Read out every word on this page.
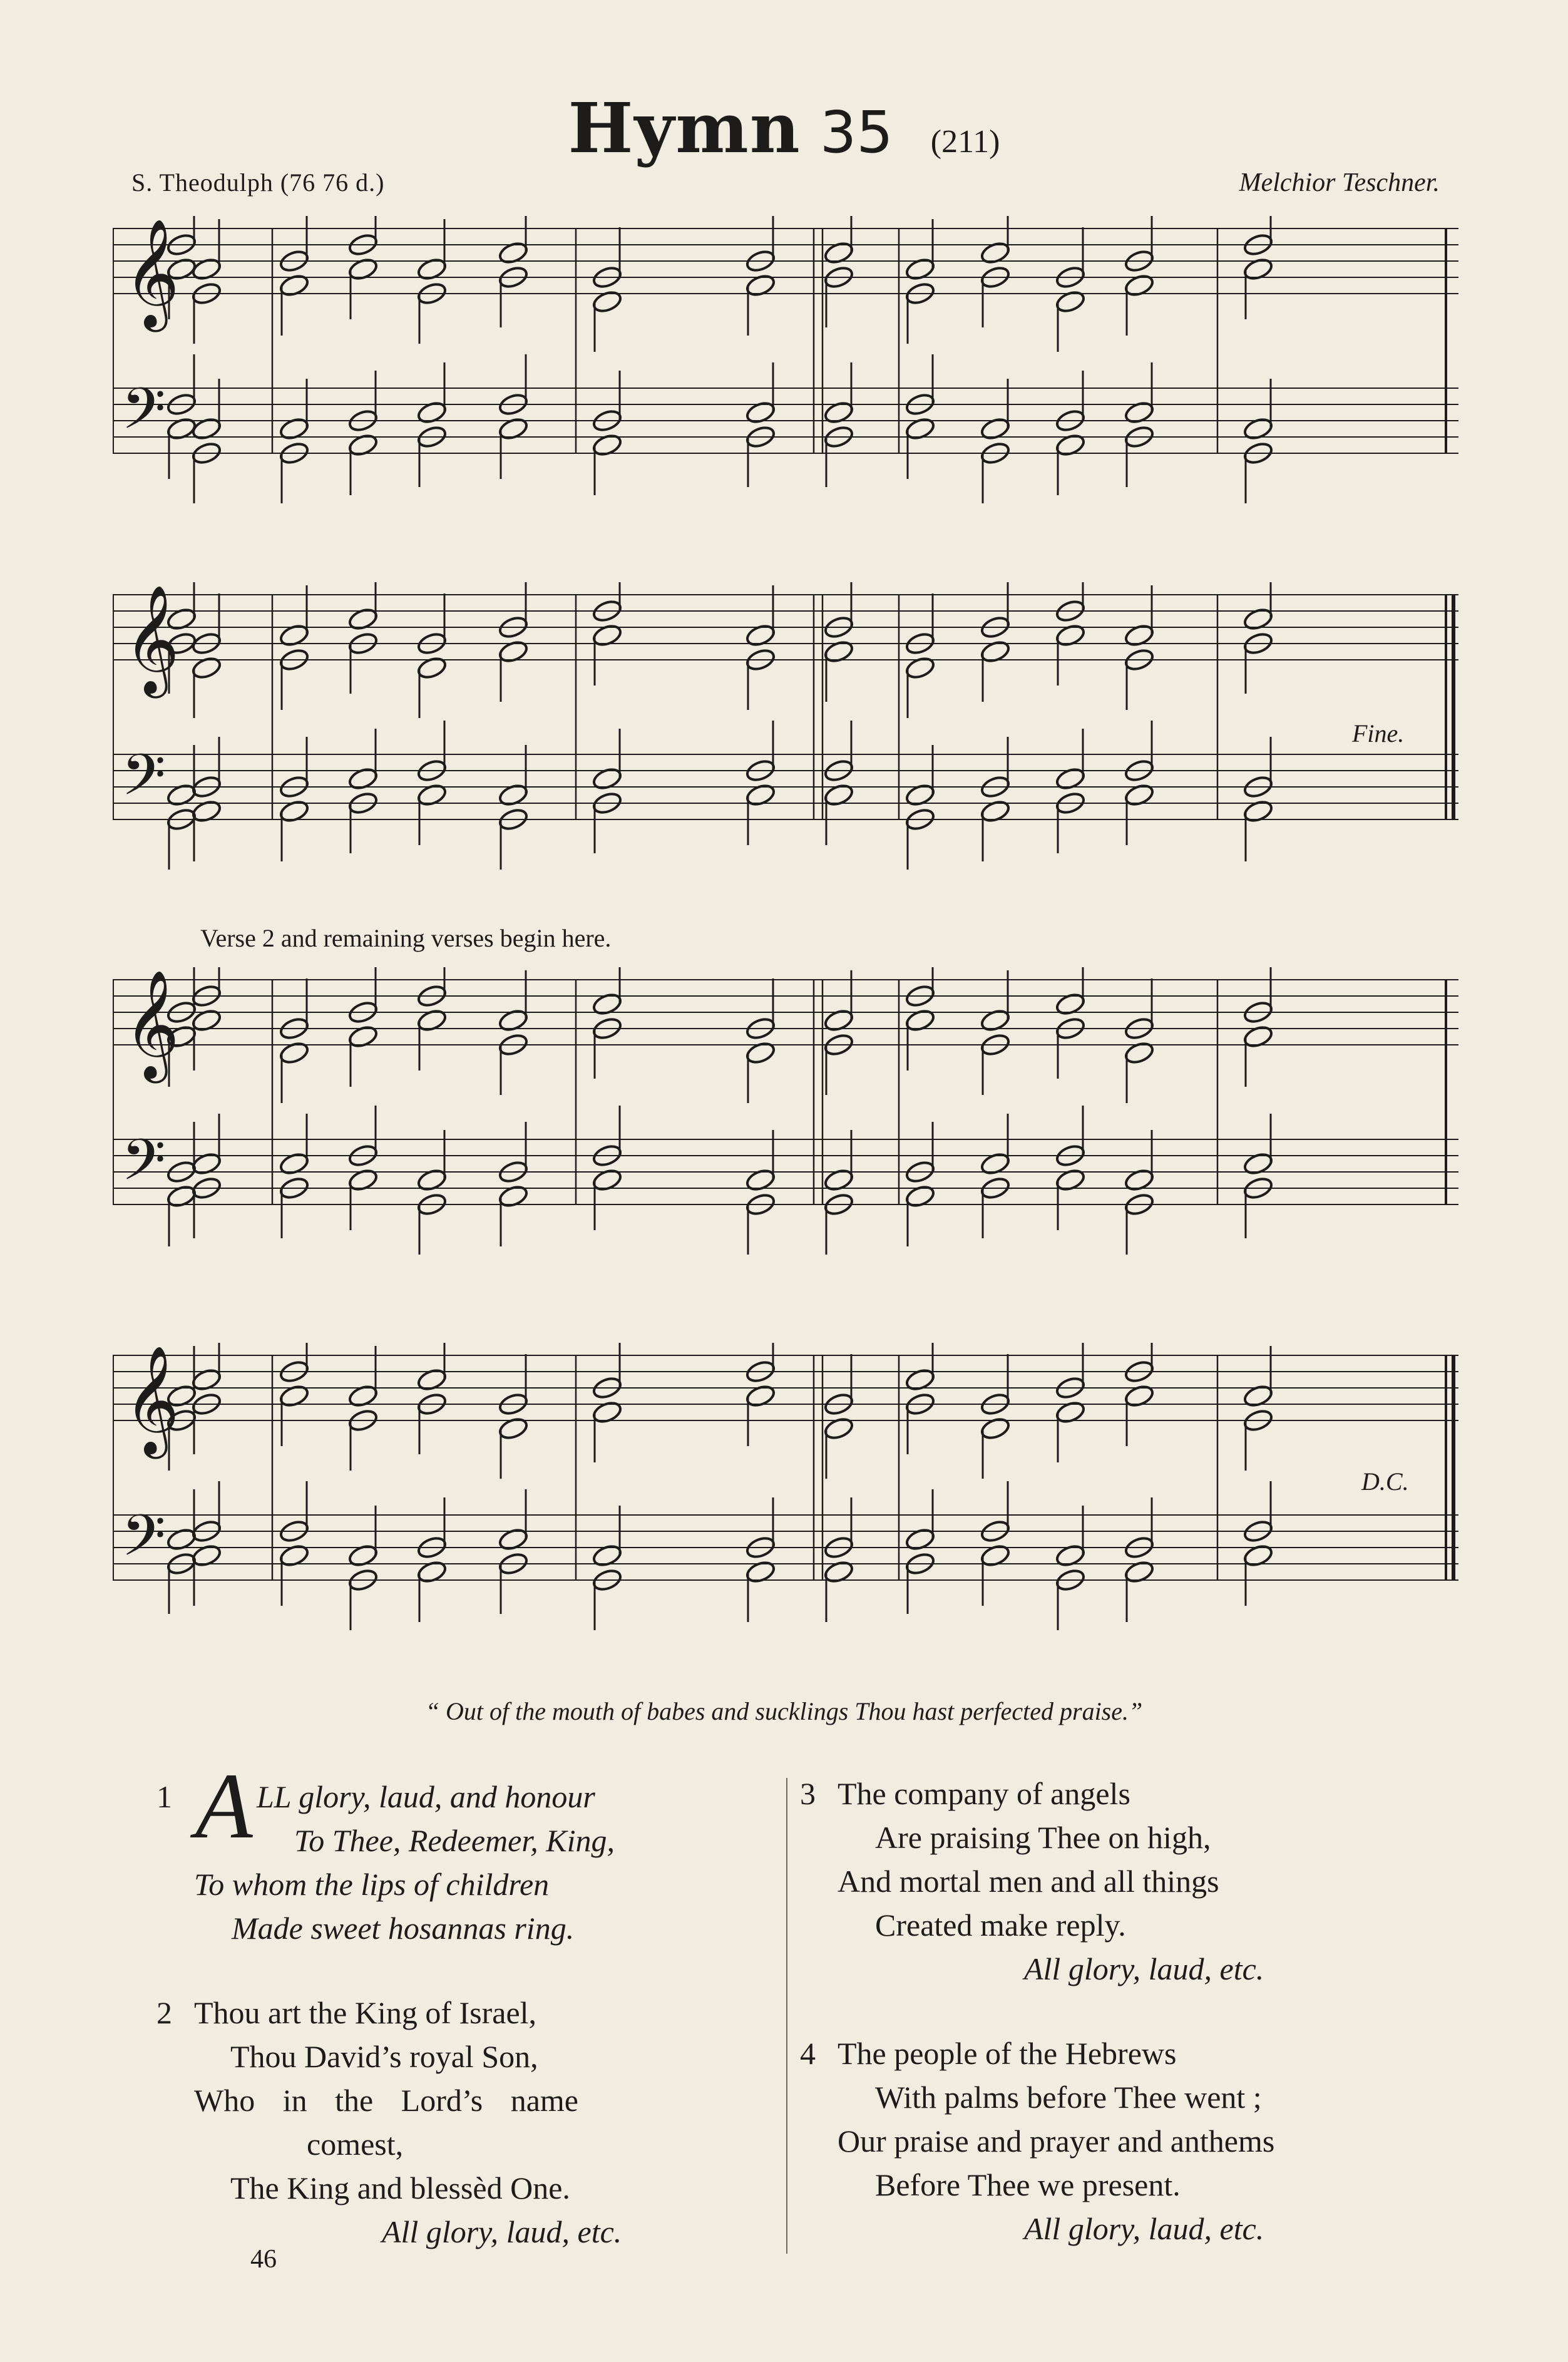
Hymn 35 (211)
S. Theodulph (76 76 d.)	Melchior Teschner.
𝄞
𝄢
Fine.
𝄞
𝄢
Verse 2 and remaining verses begin here.
𝄞
𝄢
D.C.
𝄞
𝄢
“ Out of the mouth of babes and sucklings Thou hast perfected praise.”
1 A LL glory, laud, and honour
To Thee, Redeemer, King,
To whom the lips of children
Made sweet hosannas ring.
2 Thou art the King of Israel,
Thou David’s royal Son,
Who in the Lord’s name
comest,
The King and blessèd One.
All glory, laud, etc.
3 The company of angels
Are praising Thee on high,
And mortal men and all things
Created make reply.
All glory, laud, etc.
4 The people of the Hebrews
With palms before Thee went ;
Our praise and prayer and anthems
Before Thee we present.
All glory, laud, etc.
46
